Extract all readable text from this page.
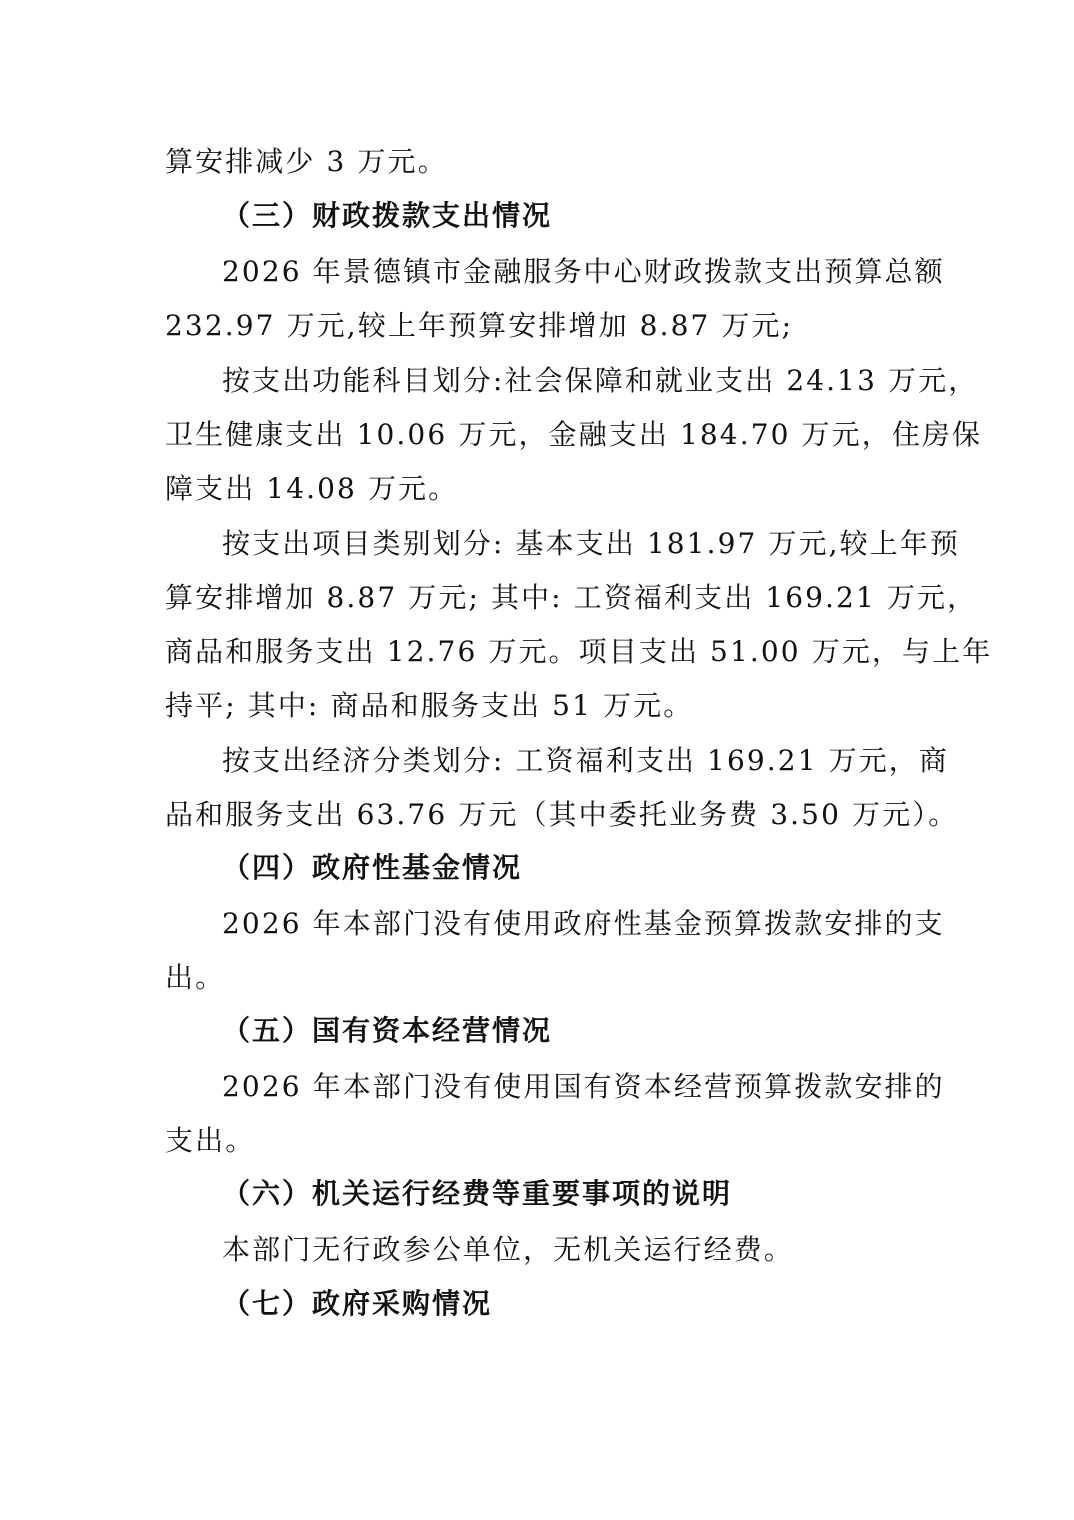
算安排减少 3 万元。
（三）财政拨款支出情况
2026 年景德镇市金融服务中心财政拨款支出预算总额
232.97 万元,较上年预算安排增加 8.87 万元;
按支出功能科目划分:社会保障和就业支出 24.13 万元，
卫生健康支出 10.06 万元，金融支出 184.70 万元，住房保
障支出 14.08 万元。
按支出项目类别划分: 基本支出 181.97 万元,较上年预
算安排增加 8.87 万元; 其中: 工资福利支出 169.21 万元，
商品和服务支出 12.76 万元。项目支出 51.00 万元，与上年
持平; 其中: 商品和服务支出 51 万元。
按支出经济分类划分: 工资福利支出 169.21 万元，商
品和服务支出 63.76 万元（其中委托业务费 3.50 万元）。
（四）政府性基金情况
2026 年本部门没有使用政府性基金预算拨款安排的支
出。
（五）国有资本经营情况
2026 年本部门没有使用国有资本经营预算拨款安排的
支出。
（六）机关运行经费等重要事项的说明
本部门无行政参公单位，无机关运行经费。
（七）政府采购情况
